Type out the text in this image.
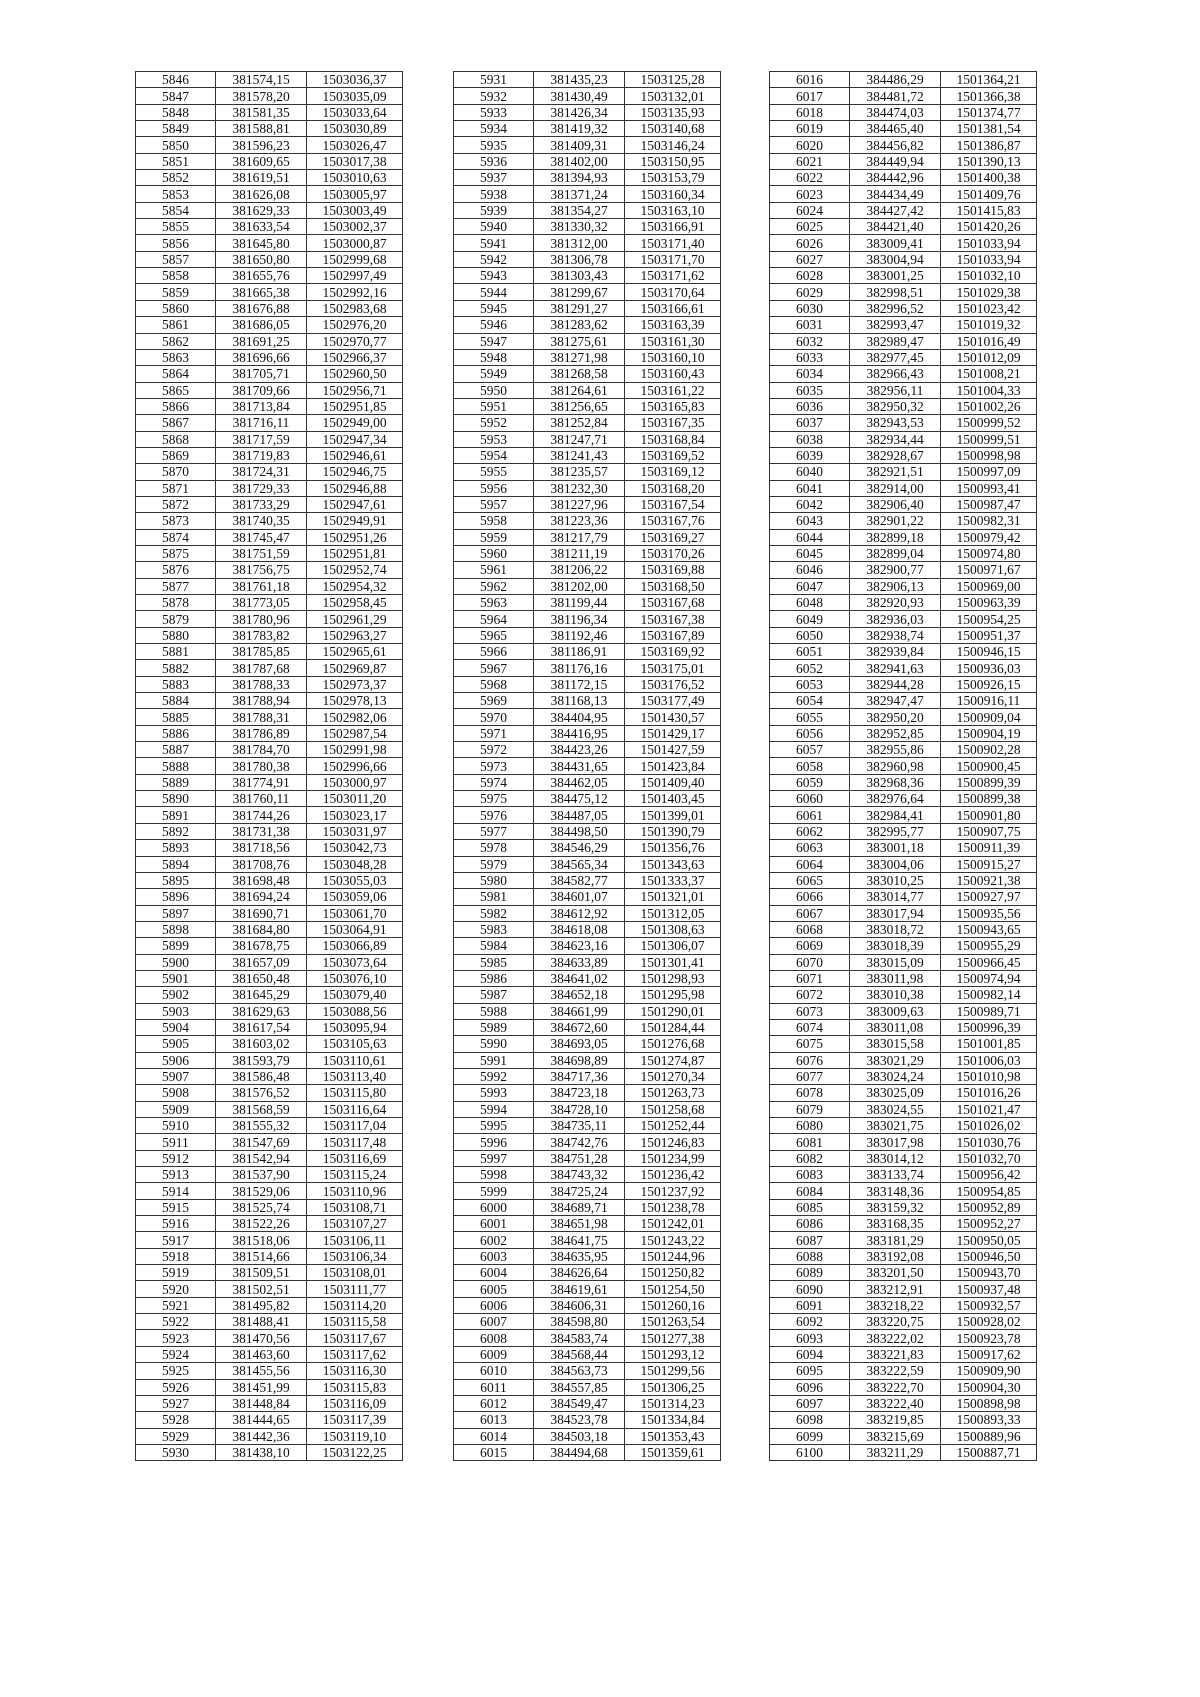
5846	381574,15	1503036,37
5847	381578,20	1503035,09
5848	381581,35	1503033,64
5849	381588,81	1503030,89
5850	381596,23	1503026,47
5851	381609,65	1503017,38
5852	381619,51	1503010,63
5853	381626,08	1503005,97
5854	381629,33	1503003,49
5855	381633,54	1503002,37
5856	381645,80	1503000,87
5857	381650,80	1502999,68
5858	381655,76	1502997,49
5859	381665,38	1502992,16
5860	381676,88	1502983,68
5861	381686,05	1502976,20
5862	381691,25	1502970,77
5863	381696,66	1502966,37
5864	381705,71	1502960,50
5865	381709,66	1502956,71
5866	381713,84	1502951,85
5867	381716,11	1502949,00
5868	381717,59	1502947,34
5869	381719,83	1502946,61
5870	381724,31	1502946,75
5871	381729,33	1502946,88
5872	381733,29	1502947,61
5873	381740,35	1502949,91
5874	381745,47	1502951,26
5875	381751,59	1502951,81
5876	381756,75	1502952,74
5877	381761,18	1502954,32
5878	381773,05	1502958,45
5879	381780,96	1502961,29
5880	381783,82	1502963,27
5881	381785,85	1502965,61
5882	381787,68	1502969,87
5883	381788,33	1502973,37
5884	381788,94	1502978,13
5885	381788,31	1502982,06
5886	381786,89	1502987,54
5887	381784,70	1502991,98
5888	381780,38	1502996,66
5889	381774,91	1503000,97
5890	381760,11	1503011,20
5891	381744,26	1503023,17
5892	381731,38	1503031,97
5893	381718,56	1503042,73
5894	381708,76	1503048,28
5895	381698,48	1503055,03
5896	381694,24	1503059,06
5897	381690,71	1503061,70
5898	381684,80	1503064,91
5899	381678,75	1503066,89
5900	381657,09	1503073,64
5901	381650,48	1503076,10
5902	381645,29	1503079,40
5903	381629,63	1503088,56
5904	381617,54	1503095,94
5905	381603,02	1503105,63
5906	381593,79	1503110,61
5907	381586,48	1503113,40
5908	381576,52	1503115,80
5909	381568,59	1503116,64
5910	381555,32	1503117,04
5911	381547,69	1503117,48
5912	381542,94	1503116,69
5913	381537,90	1503115,24
5914	381529,06	1503110,96
5915	381525,74	1503108,71
5916	381522,26	1503107,27
5917	381518,06	1503106,11
5918	381514,66	1503106,34
5919	381509,51	1503108,01
5920	381502,51	1503111,77
5921	381495,82	1503114,20
5922	381488,41	1503115,58
5923	381470,56	1503117,67
5924	381463,60	1503117,62
5925	381455,56	1503116,30
5926	381451,99	1503115,83
5927	381448,84	1503116,09
5928	381444,65	1503117,39
5929	381442,36	1503119,10
5930	381438,10	1503122,25
5931	381435,23	1503125,28
5932	381430,49	1503132,01
5933	381426,34	1503135,93
5934	381419,32	1503140,68
5935	381409,31	1503146,24
5936	381402,00	1503150,95
5937	381394,93	1503153,79
5938	381371,24	1503160,34
5939	381354,27	1503163,10
5940	381330,32	1503166,91
5941	381312,00	1503171,40
5942	381306,78	1503171,70
5943	381303,43	1503171,62
5944	381299,67	1503170,64
5945	381291,27	1503166,61
5946	381283,62	1503163,39
5947	381275,61	1503161,30
5948	381271,98	1503160,10
5949	381268,58	1503160,43
5950	381264,61	1503161,22
5951	381256,65	1503165,83
5952	381252,84	1503167,35
5953	381247,71	1503168,84
5954	381241,43	1503169,52
5955	381235,57	1503169,12
5956	381232,30	1503168,20
5957	381227,96	1503167,54
5958	381223,36	1503167,76
5959	381217,79	1503169,27
5960	381211,19	1503170,26
5961	381206,22	1503169,88
5962	381202,00	1503168,50
5963	381199,44	1503167,68
5964	381196,34	1503167,38
5965	381192,46	1503167,89
5966	381186,91	1503169,92
5967	381176,16	1503175,01
5968	381172,15	1503176,52
5969	381168,13	1503177,49
5970	384404,95	1501430,57
5971	384416,95	1501429,17
5972	384423,26	1501427,59
5973	384431,65	1501423,84
5974	384462,05	1501409,40
5975	384475,12	1501403,45
5976	384487,05	1501399,01
5977	384498,50	1501390,79
5978	384546,29	1501356,76
5979	384565,34	1501343,63
5980	384582,77	1501333,37
5981	384601,07	1501321,01
5982	384612,92	1501312,05
5983	384618,08	1501308,63
5984	384623,16	1501306,07
5985	384633,89	1501301,41
5986	384641,02	1501298,93
5987	384652,18	1501295,98
5988	384661,99	1501290,01
5989	384672,60	1501284,44
5990	384693,05	1501276,68
5991	384698,89	1501274,87
5992	384717,36	1501270,34
5993	384723,18	1501263,73
5994	384728,10	1501258,68
5995	384735,11	1501252,44
5996	384742,76	1501246,83
5997	384751,28	1501234,99
5998	384743,32	1501236,42
5999	384725,24	1501237,92
6000	384689,71	1501238,78
6001	384651,98	1501242,01
6002	384641,75	1501243,22
6003	384635,95	1501244,96
6004	384626,64	1501250,82
6005	384619,61	1501254,50
6006	384606,31	1501260,16
6007	384598,80	1501263,54
6008	384583,74	1501277,38
6009	384568,44	1501293,12
6010	384563,73	1501299,56
6011	384557,85	1501306,25
6012	384549,47	1501314,23
6013	384523,78	1501334,84
6014	384503,18	1501353,43
6015	384494,68	1501359,61
6016	384486,29	1501364,21
6017	384481,72	1501366,38
6018	384474,03	1501374,77
6019	384465,40	1501381,54
6020	384456,82	1501386,87
6021	384449,94	1501390,13
6022	384442,96	1501400,38
6023	384434,49	1501409,76
6024	384427,42	1501415,83
6025	384421,40	1501420,26
6026	383009,41	1501033,94
6027	383004,94	1501033,94
6028	383001,25	1501032,10
6029	382998,51	1501029,38
6030	382996,52	1501023,42
6031	382993,47	1501019,32
6032	382989,47	1501016,49
6033	382977,45	1501012,09
6034	382966,43	1501008,21
6035	382956,11	1501004,33
6036	382950,32	1501002,26
6037	382943,53	1500999,52
6038	382934,44	1500999,51
6039	382928,67	1500998,98
6040	382921,51	1500997,09
6041	382914,00	1500993,41
6042	382906,40	1500987,47
6043	382901,22	1500982,31
6044	382899,18	1500979,42
6045	382899,04	1500974,80
6046	382900,77	1500971,67
6047	382906,13	1500969,00
6048	382920,93	1500963,39
6049	382936,03	1500954,25
6050	382938,74	1500951,37
6051	382939,84	1500946,15
6052	382941,63	1500936,03
6053	382944,28	1500926,15
6054	382947,47	1500916,11
6055	382950,20	1500909,04
6056	382952,85	1500904,19
6057	382955,86	1500902,28
6058	382960,98	1500900,45
6059	382968,36	1500899,39
6060	382976,64	1500899,38
6061	382984,41	1500901,80
6062	382995,77	1500907,75
6063	383001,18	1500911,39
6064	383004,06	1500915,27
6065	383010,25	1500921,38
6066	383014,77	1500927,97
6067	383017,94	1500935,56
6068	383018,72	1500943,65
6069	383018,39	1500955,29
6070	383015,09	1500966,45
6071	383011,98	1500974,94
6072	383010,38	1500982,14
6073	383009,63	1500989,71
6074	383011,08	1500996,39
6075	383015,58	1501001,85
6076	383021,29	1501006,03
6077	383024,24	1501010,98
6078	383025,09	1501016,26
6079	383024,55	1501021,47
6080	383021,75	1501026,02
6081	383017,98	1501030,76
6082	383014,12	1501032,70
6083	383133,74	1500956,42
6084	383148,36	1500954,85
6085	383159,32	1500952,89
6086	383168,35	1500952,27
6087	383181,29	1500950,05
6088	383192,08	1500946,50
6089	383201,50	1500943,70
6090	383212,91	1500937,48
6091	383218,22	1500932,57
6092	383220,75	1500928,02
6093	383222,02	1500923,78
6094	383221,83	1500917,62
6095	383222,59	1500909,90
6096	383222,70	1500904,30
6097	383222,40	1500898,98
6098	383219,85	1500893,33
6099	383215,69	1500889,96
6100	383211,29	1500887,71
